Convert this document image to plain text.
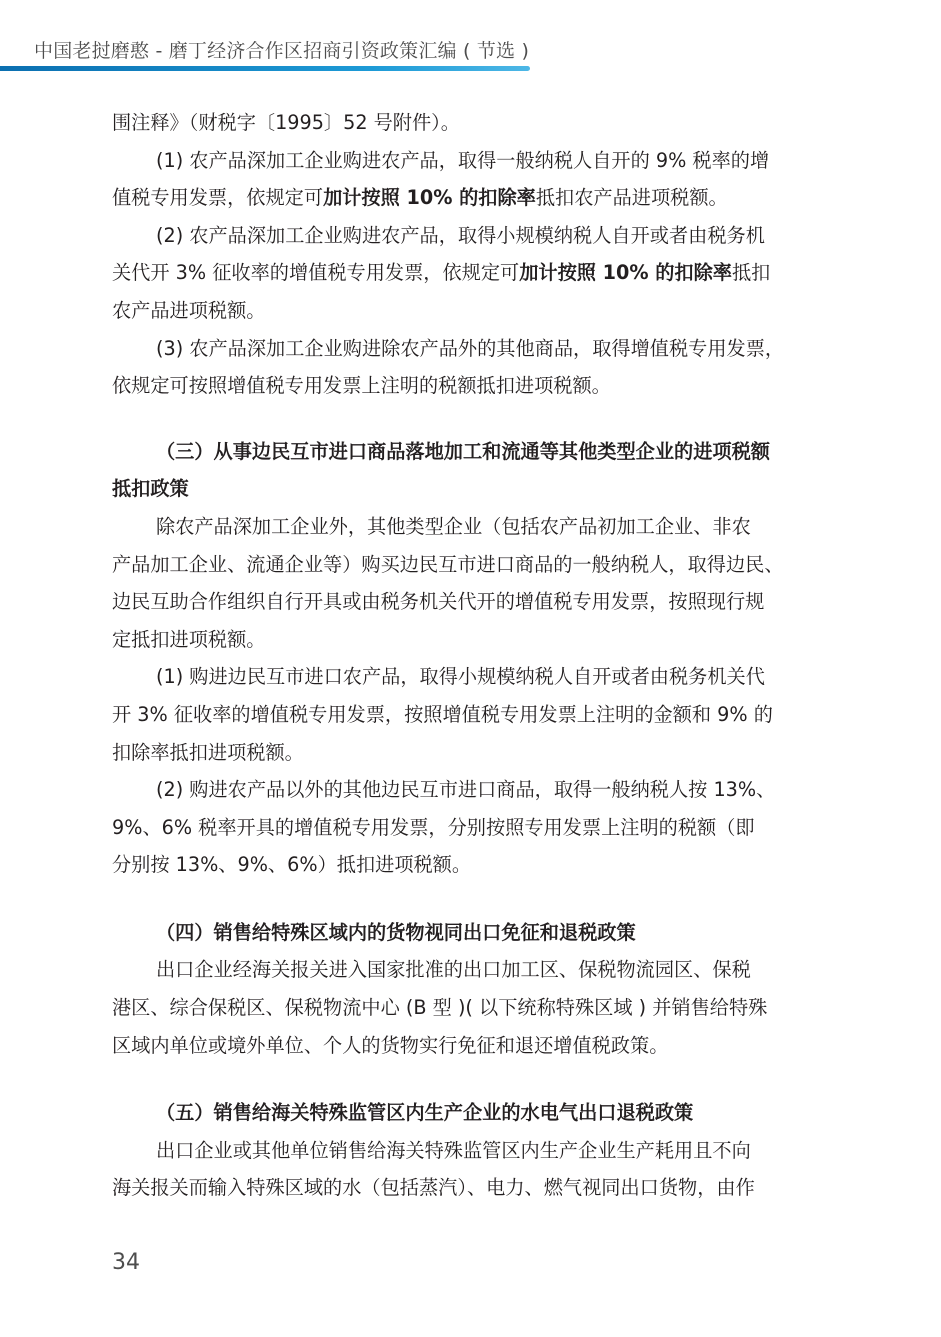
中国老挝磨憨 - 磨丁经济合作区招商引资政策汇编 ( 节选 )
围注释》（财税字〔1995〕52 号附件）。
(1) 农产品深加工企业购进农产品，取得一般纳税人自开的 9% 税率的增
值税专用发票，依规定可加计按照 10% 的扣除率抵扣农产品进项税额。
(2) 农产品深加工企业购进农产品，取得小规模纳税人自开或者由税务机
关代开 3% 征收率的增值税专用发票，依规定可加计按照 10% 的扣除率抵扣
农产品进项税额。
(3) 农产品深加工企业购进除农产品外的其他商品，取得增值税专用发票，
依规定可按照增值税专用发票上注明的税额抵扣进项税额。
（三）从事边民互市进口商品落地加工和流通等其他类型企业的进项税额
抵扣政策
除农产品深加工企业外，其他类型企业（包括农产品初加工企业、非农
产品加工企业、流通企业等）购买边民互市进口商品的一般纳税人，取得边民、
边民互助合作组织自行开具或由税务机关代开的增值税专用发票，按照现行规
定抵扣进项税额。
(1) 购进边民互市进口农产品，取得小规模纳税人自开或者由税务机关代
开 3% 征收率的增值税专用发票，按照增值税专用发票上注明的金额和 9% 的
扣除率抵扣进项税额。
(2) 购进农产品以外的其他边民互市进口商品，取得一般纳税人按 13%、
9%、6% 税率开具的增值税专用发票，分别按照专用发票上注明的税额（即
分别按 13%、9%、6%）抵扣进项税额。
（四）销售给特殊区域内的货物视同出口免征和退税政策
出口企业经海关报关进入国家批准的出口加工区、保税物流园区、保税
港区、综合保税区、保税物流中心 (B 型 )( 以下统称特殊区域 ) 并销售给特殊
区域内单位或境外单位、个人的货物实行免征和退还增值税政策。
（五）销售给海关特殊监管区内生产企业的水电气出口退税政策
出口企业或其他单位销售给海关特殊监管区内生产企业生产耗用且不向
海关报关而输入特殊区域的水（包括蒸汽）、电力、燃气视同出口货物，由作
34
